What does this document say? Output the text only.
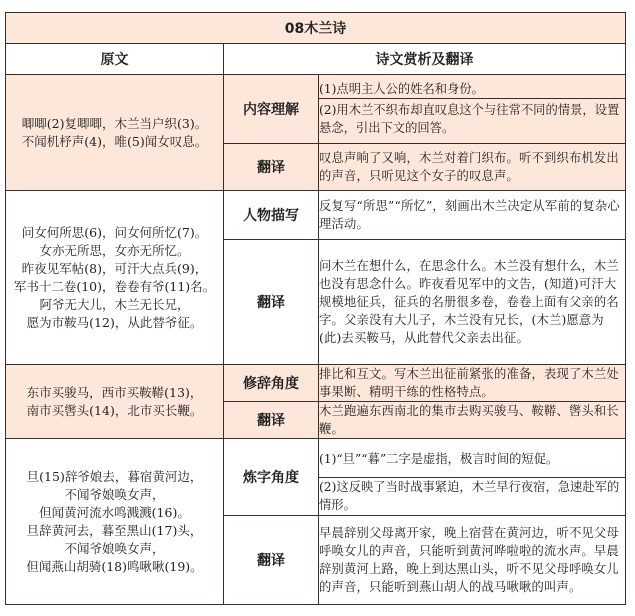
08木兰诗
原文	诗文赏析及翻译

唧唧(2)复唧唧，木兰当户织(3)。
不闻机杼声(4)，唯(5)闻女叹息。
	内容理解	
(1)点明主人公的姓名和身份。
(2)用木兰不织布却直叹息这个与往常不同的情景，设置悬念，引出下文的回答。

翻译	叹息声响了又响，木兰对着门织布。听不到织布机发出的声音，只听见这个女子的叹息声。

问女何所思(6)，问女何所忆(7)。
女亦无所思，女亦无所忆。
昨夜见军帖(8)，可汗大点兵(9)，
军书十二卷(10)，卷卷有爷(11)名。
阿爷无大儿，木兰无长兄，
愿为市鞍马(12)，从此替爷征。
	人物描写	反复写“所思”“所忆”，刻画出木兰决定从军前的复杂心理活动。
翻译	问木兰在想什么，在思念什么。木兰没有想什么，木兰也没有思念什么。昨夜看见军中的文告，(知道)可汗大规模地征兵，征兵的名册很多卷，卷卷上面有父亲的名字。父亲没有大儿子，木兰没有兄长，(木兰)愿意为(此)去买鞍马，从此替代父亲去出征。

东市买骏马，西市买鞍鞯(13)，
南市买辔头(14)，北市买长鞭。
	修辞角度	排比和互文。写木兰出征前紧张的准备，表现了木兰处事果断、精明干练的性格特点。
翻译	木兰跑遍东西南北的集市去购买骏马、鞍鞯、辔头和长鞭。

旦(15)辞爷娘去，暮宿黄河边，
不闻爷娘唤女声，
但闻黄河流水鸣溅溅(16)。
旦辞黄河去，暮至黑山(17)头，
不闻爷娘唤女声，
但闻燕山胡骑(18)鸣啾啾(19)。
	炼字角度	
(1)“旦”“暮”二字是虚指，极言时间的短促。
(2)这反映了当时战事紧迫，木兰早行夜宿，急速赴军的情形。

翻译	早晨辞别父母离开家，晚上宿营在黄河边，听不见父母呼唤女儿的声音，只能听到黄河哗啦啦的流水声。早晨辞别黄河上路，晚上到达黑山头，听不见父母呼唤女儿的声音，只能听到燕山胡人的战马啾啾的叫声。
